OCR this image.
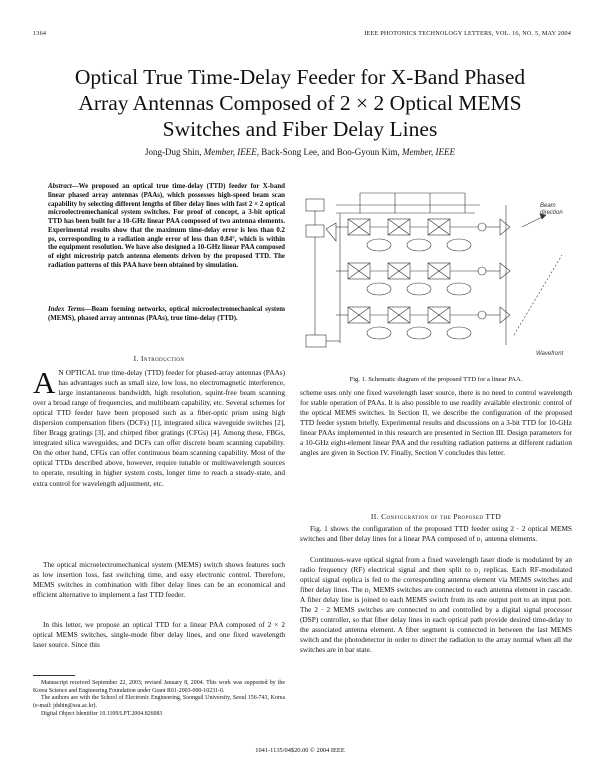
1364	IEEE PHOTONICS TECHNOLOGY LETTERS, VOL. 16, NO. 5, MAY 2004
Optical True Time-Delay Feeder for X-Band Phased
Array Antennas Composed of 2 × 2 Optical MEMS
Switches and Fiber Delay Lines
Jong-Dug Shin, Member, IEEE, Back-Song Lee, and Boo-Gyoun Kim, Member, IEEE
Abstract—We proposed an optical true time-delay (TTD) feeder for X-band linear phased array antennas (PAAs), which possesses high-speed beam scan capability by selecting different lengths of fiber delay lines with fast 2 × 2 optical microelectromechanical system switches. For proof of concept, a 3-bit optical TTD has been built for a 10-GHz linear PAA composed of two antenna elements. Experimental results show that the maximum time-delay error is less than 0.2 ps, corresponding to a radiation angle error of less than 0.84°, which is within the equipment resolution. We have also designed a 10-GHz linear PAA composed of eight microstrip patch antenna elements driven by the proposed TTD. The radiation patterns of this PAA have been obtained by simulation.
Index Terms—Beam forming networks, optical microelectromechanical system (MEMS), phased array antennas (PAAs), true time-delay (TTD).
I. Introduction
A N OPTICAL true time-delay (TTD) feeder for phased-array antennas (PAAs) has advantages such as small size, low loss, no electromagnetic interference, large instantaneous bandwidth, high resolution, squint-free beam scanning over a broad range of frequencies, and multibeam capability, etc. Several schemes for optical TTD feeder have been proposed such as a fiber-optic prism using high dispersion compensation fibers (DCFs) [1], integrated silica waveguide switches [2], fiber Bragg gratings [3], and chirped fiber gratings (CFGs) [4]. Among these, FBGs, integrated silica waveguides, and DCFs can offer discrete beam scanning capability. On the other hand, CFGs can offer continuous beam scanning capability. Most of the optical TTDs described above, however, require tunable or multiwavelength sources to operate, resulting in higher system costs, longer time to reach a steady-state, and extra control for wavelength adjustment, etc.

The optical microelectromechanical system (MEMS) switch shows features such as low insertion loss, fast switching time, and easy electronic control. Therefore, MEMS switches in combination with fiber delay lines can be an economical and efficient alternative to implement a fast TTD feeder.

In this letter, we propose an optical TTD for a linear PAA composed of 2 × 2 optical MEMS switches, single-mode fiber delay lines, and one fixed wavelength laser source. Since this

Manuscript received September 22, 2003; revised January 8, 2004. This work was supported by the Korea Science and Engineering Foundation under Grant R01-2003-000-10231-0.

The authors are with the School of Electronic Engineering, Soongsil University, Seoul 156-743, Korea (e-mail: jdshin@ssu.ac.kr).

Digital Object Identifier 10.1109/LPT.2004.826083

Beam
direction
Wavefront
Fig. 1. Schematic diagram of the proposed TTD for a linear PAA.

scheme uses only one fixed wavelength laser source, there is no need to control wavelength for stable operation of PAAs. It is also possible to use readily available electronic control of the optical MEMS switches. In Section II, we describe the configuration of the proposed TTD feeder system briefly. Experimental results and discussions on a 3-bit TTD for 10-GHz linear PAAs implemented in this research are presented in Section III. Design parameters for a 10-GHz eight-element linear PAA and the resulting radiation patterns at different radiation angles are given in Section IV. Finally, Section V concludes this letter.

II. Configuration of the Proposed TTD

Fig. 1 shows the configuration of the proposed TTD feeder using 2 · 2 optical MEMS switches and fiber delay lines for a linear PAA composed of ᴅ₁ antenna elements.

Continuous-wave optical signal from a fixed wavelength laser diode is modulated by an radio frequency (RF) electrical signal and then split to ᴅ₁ replicas. Each RF-modulated optical signal replica is fed to the corresponding antenna element via MEMS switches and fiber delay lines. The ᴅ₁ MEMS switches are connected to each antenna element in cascade. A fiber delay line is joined to each MEMS switch from its one output port to an input port. The 2 · 2 MEMS switches are connected to and controlled by a digital signal processor (DSP) controller, so that fiber delay lines in each optical path provide desired time-delay to the associated antenna element. A fiber segment is connected in between the last MEMS switch and the photodetector in order to direct the radiation to the array normal when all the switches are in bar state.

1041-1135/04$20.00 © 2004 IEEE
